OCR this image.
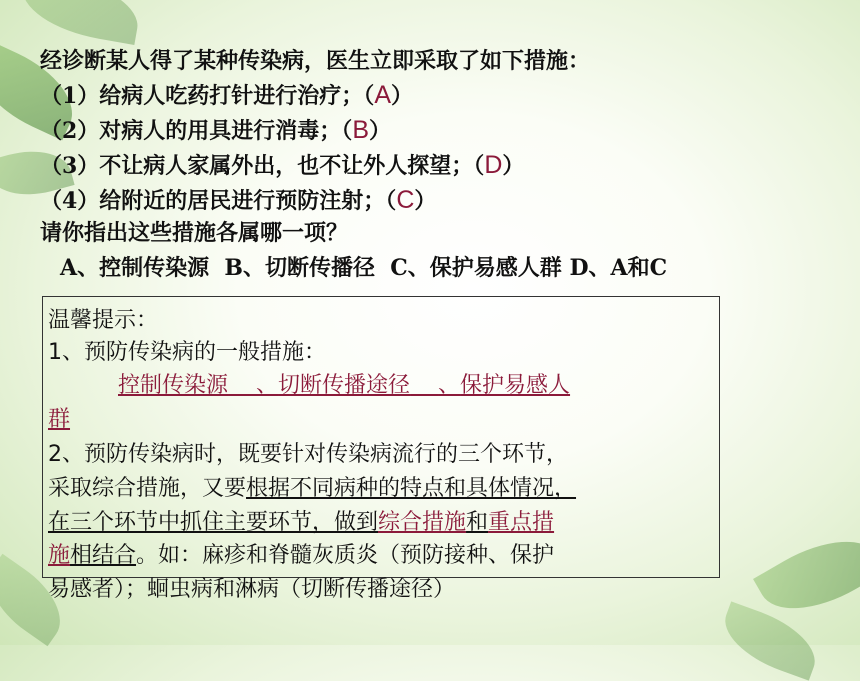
经诊断某人得了某种传染病，医生立即采取了如下措施：
（1）给病人吃药打针进行治疗；（A）
（2）对病人的用具进行消毒；（B）
（3）不让病人家属外出，也不让外人探望；（D）
（4）给附近的居民进行预防注射；（C）
请你指出这些措施各属哪一项？
A、控制传染源  B、切断传播径  C、保护易感人群 D、A和C
温馨提示：
1、预防传染病的一般措施：
控制传染源 、切断传播途径 、保护易感人
群
2、预防传染病时，既要针对传染病流行的三个环节，
采取综合措施，又要根据不同病种的特点和具体情况，
在三个环节中抓住主要环节，做到综合措施和重点措
施相结合。如：麻疹和脊髓灰质炎（预防接种、保护
易感者）；蛔虫病和淋病（切断传播途径）
